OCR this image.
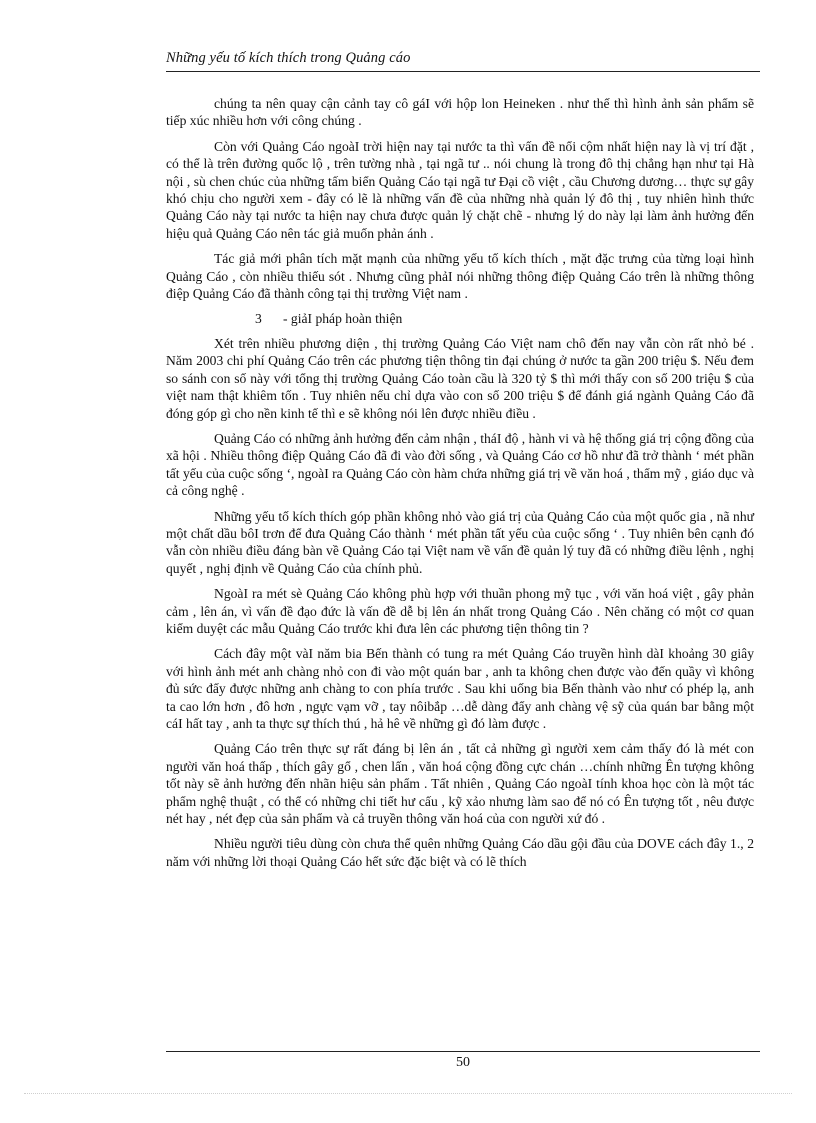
Những yếu tố kích thích trong Quảng cáo

chúng ta nên quay cận cảnh tay cô gáI với hộp lon Heineken . như thế thì hình ảnh sản phẩm sẽ tiếp xúc nhiều hơn với công chúng .

Còn với Quảng Cáo ngoàI trời hiện nay tại nước ta thì vấn đề nổi cộm nhất hiện nay là vị trí đặt , có thể là trên đường quốc lộ , trên tường nhà , tại ngã tư .. nói chung là trong đô thị chẳng hạn như tại Hà nội , sù chen chúc của những tấm biển Quảng Cáo tại ngã tư Đại cồ việt , cầu Chương dương… thực sự gây khó chịu cho người xem - đây có lẽ là những vấn đề của những nhà quản lý đô thị , tuy nhiên hình thức Quảng Cáo này tại nước ta hiện nay chưa được quản lý chặt chẽ - nhưng lý do này lại làm ảnh hưởng đến hiệu quả Quảng Cáo nên tác giả muốn phản ánh .

Tác giả mới phân tích mặt mạnh của những yếu tố kích thích , mặt đặc trưng của từng loại hình Quảng Cáo , còn nhiều thiếu sót . Nhưng cũng phảI nói những thông điệp Quảng Cáo trên là những thông điệp Quảng Cáo đã thành công tại thị trường Việt nam .

3 - giảI pháp hoàn thiện

Xét trên nhiều phương diện , thị trường Quảng Cáo Việt nam chô đến nay vẫn còn rất nhỏ bé . Năm 2003 chi phí Quảng Cáo trên các phương tiện thông tin đại chúng ở nước ta gần 200 triệu $. Nếu đem so sánh con số này với tổng thị trường Quảng Cáo toàn cầu là 320 tỷ $ thì mới thấy con số 200 triệu $ của việt nam thật khiêm tốn . Tuy nhiên nếu chỉ dựa vào con số 200 triệu $ để đánh giá ngành Quảng Cáo đã đóng góp gì cho nền kinh tế thì e sẽ không nói lên được nhiều điều .

Quảng Cáo có những ảnh hưởng đến cảm nhận , tháI độ , hành vi và hệ thống giá trị cộng đồng của xã hội . Nhiều thông điệp Quảng Cáo đã đi vào đời sống , và Quảng Cáo cơ hồ như đã trở thành ‘ mét phần tất yếu của cuộc sống ‘, ngoàI ra Quảng Cáo còn hàm chứa những giá trị về văn hoá , thẩm mỹ , giáo dục và cả công nghệ .

Những yếu tố kích thích góp phần không nhỏ vào giá trị của Quảng Cáo của một quốc gia , nã như một chất dầu bôI trơn để đưa Quảng Cáo thành ‘ mét phần tất yếu của cuộc sống ‘ . Tuy nhiên bên cạnh đó vẫn còn nhiều điều đáng bàn về Quảng Cáo tại Việt nam về vấn đề quản lý tuy đã có những điều lệnh , nghị quyết , nghị định về Quảng Cáo của chính phủ.

NgoàI ra mét sè Quảng Cáo không phù hợp với thuần phong mỹ tục , với văn hoá việt , gây phản cảm , lên án, vì vấn đề đạo đức là vấn đề dễ bị lên án nhất trong Quảng Cáo . Nên chăng có một cơ quan kiểm duyệt các mẫu Quảng Cáo trước khi đưa lên các phương tiện thông tin ?

Cách đây một vàI năm bia Bến thành có tung ra mét Quảng Cáo truyền hình dàI khoảng 30 giây với hình ảnh mét anh chàng nhỏ con đi vào một quán bar , anh ta không chen được vào đến quầy vì không đủ sức đẩy được những anh chàng to con phía trước . Sau khi uống bia Bến thành vào như có phép lạ, anh ta cao lớn hơn , đô hơn , ngực vạm vỡ , tay nôibắp …dễ dàng đẩy anh chàng vệ sỹ của quán bar bằng một cáI hất tay , anh ta thực sự thích thú , hả hê về những gì đó làm được .

Quảng Cáo trên thực sự rất đáng bị lên án , tất cả những gì người xem cảm thấy đó là mét con người văn hoá thấp , thích gây gổ , chen lấn , văn hoá cộng đồng cực chán …chính những Ên tượng không tốt này sẽ ảnh hưởng đến nhãn hiệu sản phẩm . Tất nhiên , Quảng Cáo ngoàI tính khoa học còn là một tác phẩm nghệ thuật , có thể có những chi tiết hư cấu , kỹ xảo nhưng làm sao để nó có Ên tượng tốt , nêu được nét hay , nét đẹp của sản phẩm và cả truyền thông văn hoá của con người xứ đó .

Nhiều người tiêu dùng còn chưa thể quên những Quảng Cáo dầu gội đầu của DOVE cách đây 1., 2 năm với những lời thoại Quảng Cáo hết sức đặc biệt và có lẽ thích

50
